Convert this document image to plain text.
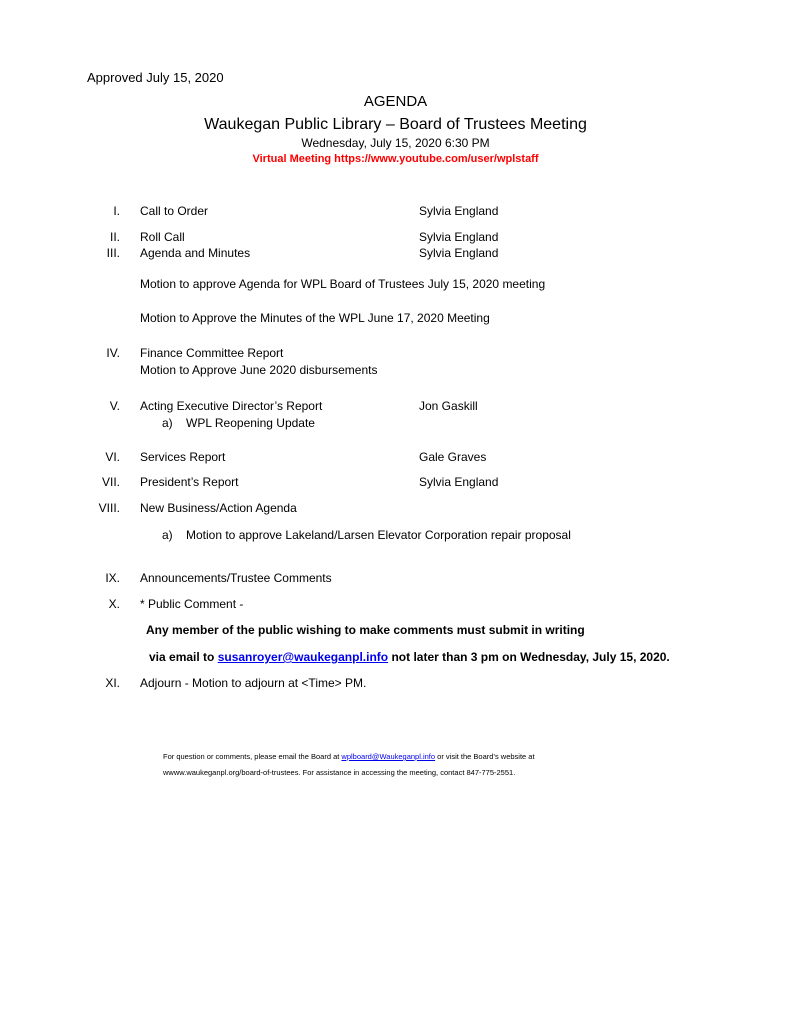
Approved July 15, 2020
AGENDA
Waukegan Public Library – Board of Trustees Meeting
Wednesday, July 15, 2020 6:30 PM
Virtual Meeting https://www.youtube.com/user/wplstaff
I. Call to Order	Sylvia England
II. Roll Call	Sylvia England
III. Agenda and Minutes	Sylvia England
Motion to approve Agenda for WPL Board of Trustees July 15, 2020 meeting
Motion to Approve the Minutes of the WPL June 17, 2020 Meeting
IV. Finance Committee Report
Motion to Approve June 2020 disbursements
V. Acting Executive Director’s Report	Jon Gaskill
a) WPL Reopening Update
VI. Services Report	Gale Graves
VII. President’s Report	Sylvia England
VIII. New Business/Action Agenda
a) Motion to approve Lakeland/Larsen Elevator Corporation repair proposal
IX. Announcements/Trustee Comments
X. * Public Comment -
Any member of the public wishing to make comments must submit in writing
via email to susanroyer@waukeganpl.info not later than 3 pm on Wednesday, July 15, 2020.
XI. Adjourn - Motion to adjourn at <Time> PM.
For question or comments, please email the Board at wplboard@Waukeganpl.info or visit the Board’s website at
wwww.waukeganpl.org/board-of-trustees. For assistance in accessing the meeting, contact 847-775-2551.
